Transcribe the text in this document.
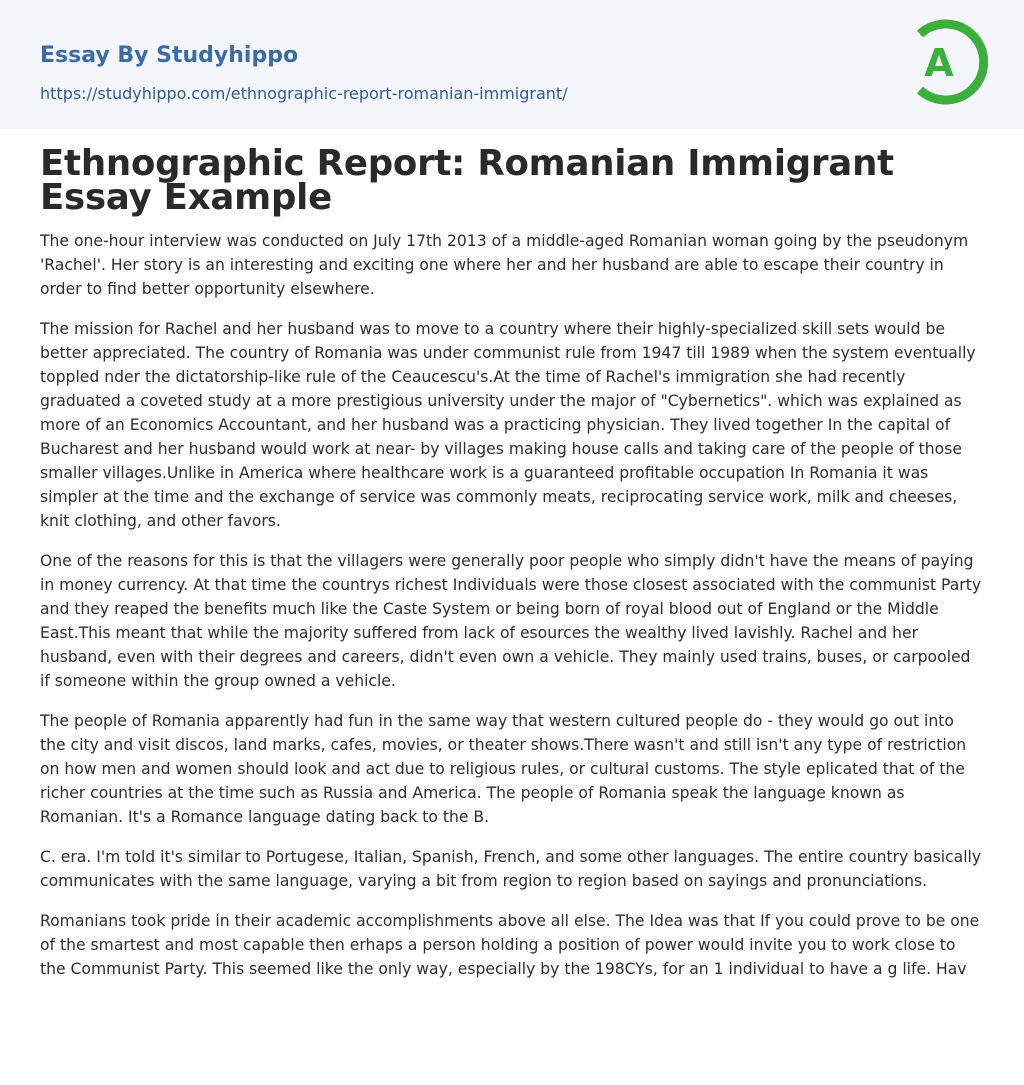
Essay By Studyhippo
https://studyhippo.com/ethnographic-report-romanian-immigrant/
A
Ethnographic Report: Romanian Immigrant Essay Example

The one-hour interview was conducted on July 17th 2013 of a middle-aged Romanian woman going by the pseudonym 'Rachel'. Her story is an interesting and exciting one where her and her husband are able to escape their country in order to find better opportunity elsewhere.

The mission for Rachel and her husband was to move to a country where their highly-specialized skill sets would be better appreciated. The country of Romania was under communist rule from 1947 till 1989 when the system eventually toppled nder the dictatorship-like rule of the Ceaucescu's.At the time of Rachel's immigration she had recently graduated a coveted study at a more prestigious university under the major of "Cybernetics". which was explained as more of an Economics Accountant, and her husband was a practicing physician. They lived together In the capital of Bucharest and her husband would work at near- by villages making house calls and taking care of the people of those smaller villages.Unlike in America where healthcare work is a guaranteed profitable occupation In Romania it was simpler at the time and the exchange of service was commonly meats, reciprocating service work, milk and cheeses, knit clothing, and other favors.

One of the reasons for this is that the villagers were generally poor people who simply didn't have the means of paying in money currency. At that time the countrys richest Individuals were those closest associated with the communist Party and they reaped the benefits much like the Caste System or being born of royal blood out of England or the Middle East.This meant that while the majority suffered from lack of esources the wealthy lived lavishly. Rachel and her husband, even with their degrees and careers, didn't even own a vehicle. They mainly used trains, buses, or carpooled if someone within the group owned a vehicle.

The people of Romania apparently had fun in the same way that western cultured people do - they would go out into the city and visit discos, land marks, cafes, movies, or theater shows.There wasn't and still isn't any type of restriction on how men and women should look and act due to religious rules, or cultural customs. The style eplicated that of the richer countries at the time such as Russia and America. The people of Romania speak the language known as Romanian. It's a Romance language dating back to the B.

C. era. I'm told it's similar to Portugese, Italian, Spanish, French, and some other languages. The entire country basically communicates with the same language, varying a bit from region to region based on sayings and pronunciations.

Romanians took pride in their academic accomplishments above all else. The Idea was that If you could prove to be one of the smartest and most capable then erhaps a person holding a position of power would invite you to work close to the Communist Party. This seemed like the only way, especially by the 198CYs, for an 1 individual to have a g life. Hav
